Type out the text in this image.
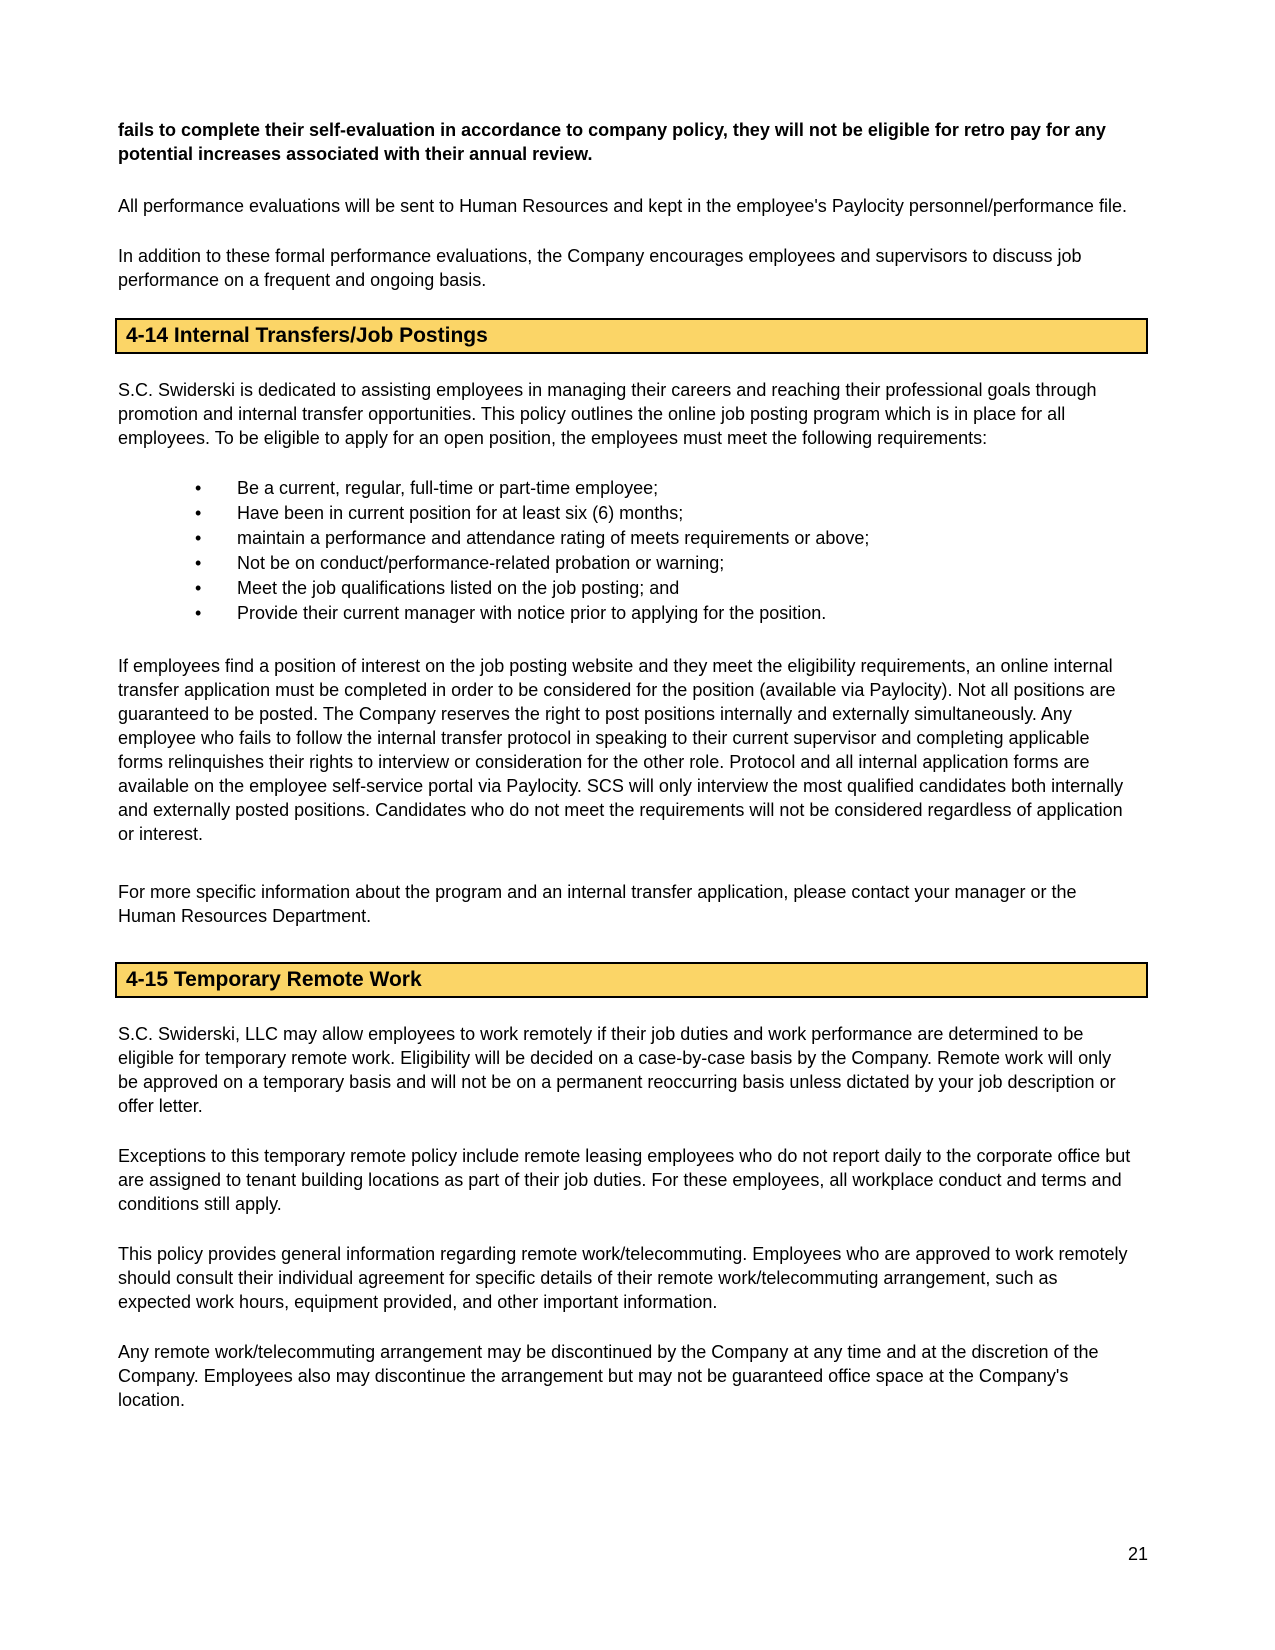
fails to complete their self-evaluation in accordance to company policy, they will not be eligible for retro pay for any potential increases associated with their annual review.

All performance evaluations will be sent to Human Resources and kept in the employee's Paylocity personnel/performance file.

In addition to these formal performance evaluations, the Company encourages employees and supervisors to discuss job performance on a frequent and ongoing basis.

4-14 Internal Transfers/Job Postings

S.C. Swiderski is dedicated to assisting employees in managing their careers and reaching their professional goals through promotion and internal transfer opportunities. This policy outlines the online job posting program which is in place for all employees. To be eligible to apply for an open position, the employees must meet the following requirements:

• Be a current, regular, full-time or part-time employee;
• Have been in current position for at least six (6) months;
• maintain a performance and attendance rating of meets requirements or above;
• Not be on conduct/performance-related probation or warning;
• Meet the job qualifications listed on the job posting; and
• Provide their current manager with notice prior to applying for the position.

If employees find a position of interest on the job posting website and they meet the eligibility requirements, an online internal transfer application must be completed in order to be considered for the position (available via Paylocity). Not all positions are guaranteed to be posted. The Company reserves the right to post positions internally and externally simultaneously. Any employee who fails to follow the internal transfer protocol in speaking to their current supervisor and completing applicable forms relinquishes their rights to interview or consideration for the other role. Protocol and all internal application forms are available on the employee self-service portal via Paylocity. SCS will only interview the most qualified candidates both internally and externally posted positions. Candidates who do not meet the requirements will not be considered regardless of application or interest.

For more specific information about the program and an internal transfer application, please contact your manager or the Human Resources Department.

4-15 Temporary Remote Work

S.C. Swiderski, LLC may allow employees to work remotely if their job duties and work performance are determined to be eligible for temporary remote work. Eligibility will be decided on a case-by-case basis by the Company. Remote work will only be approved on a temporary basis and will not be on a permanent reoccurring basis unless dictated by your job description or offer letter.

Exceptions to this temporary remote policy include remote leasing employees who do not report daily to the corporate office but are assigned to tenant building locations as part of their job duties. For these employees, all workplace conduct and terms and conditions still apply.

This policy provides general information regarding remote work/telecommuting. Employees who are approved to work remotely should consult their individual agreement for specific details of their remote work/telecommuting arrangement, such as expected work hours, equipment provided, and other important information.

Any remote work/telecommuting arrangement may be discontinued by the Company at any time and at the discretion of the Company. Employees also may discontinue the arrangement but may not be guaranteed office space at the Company's location.

21
